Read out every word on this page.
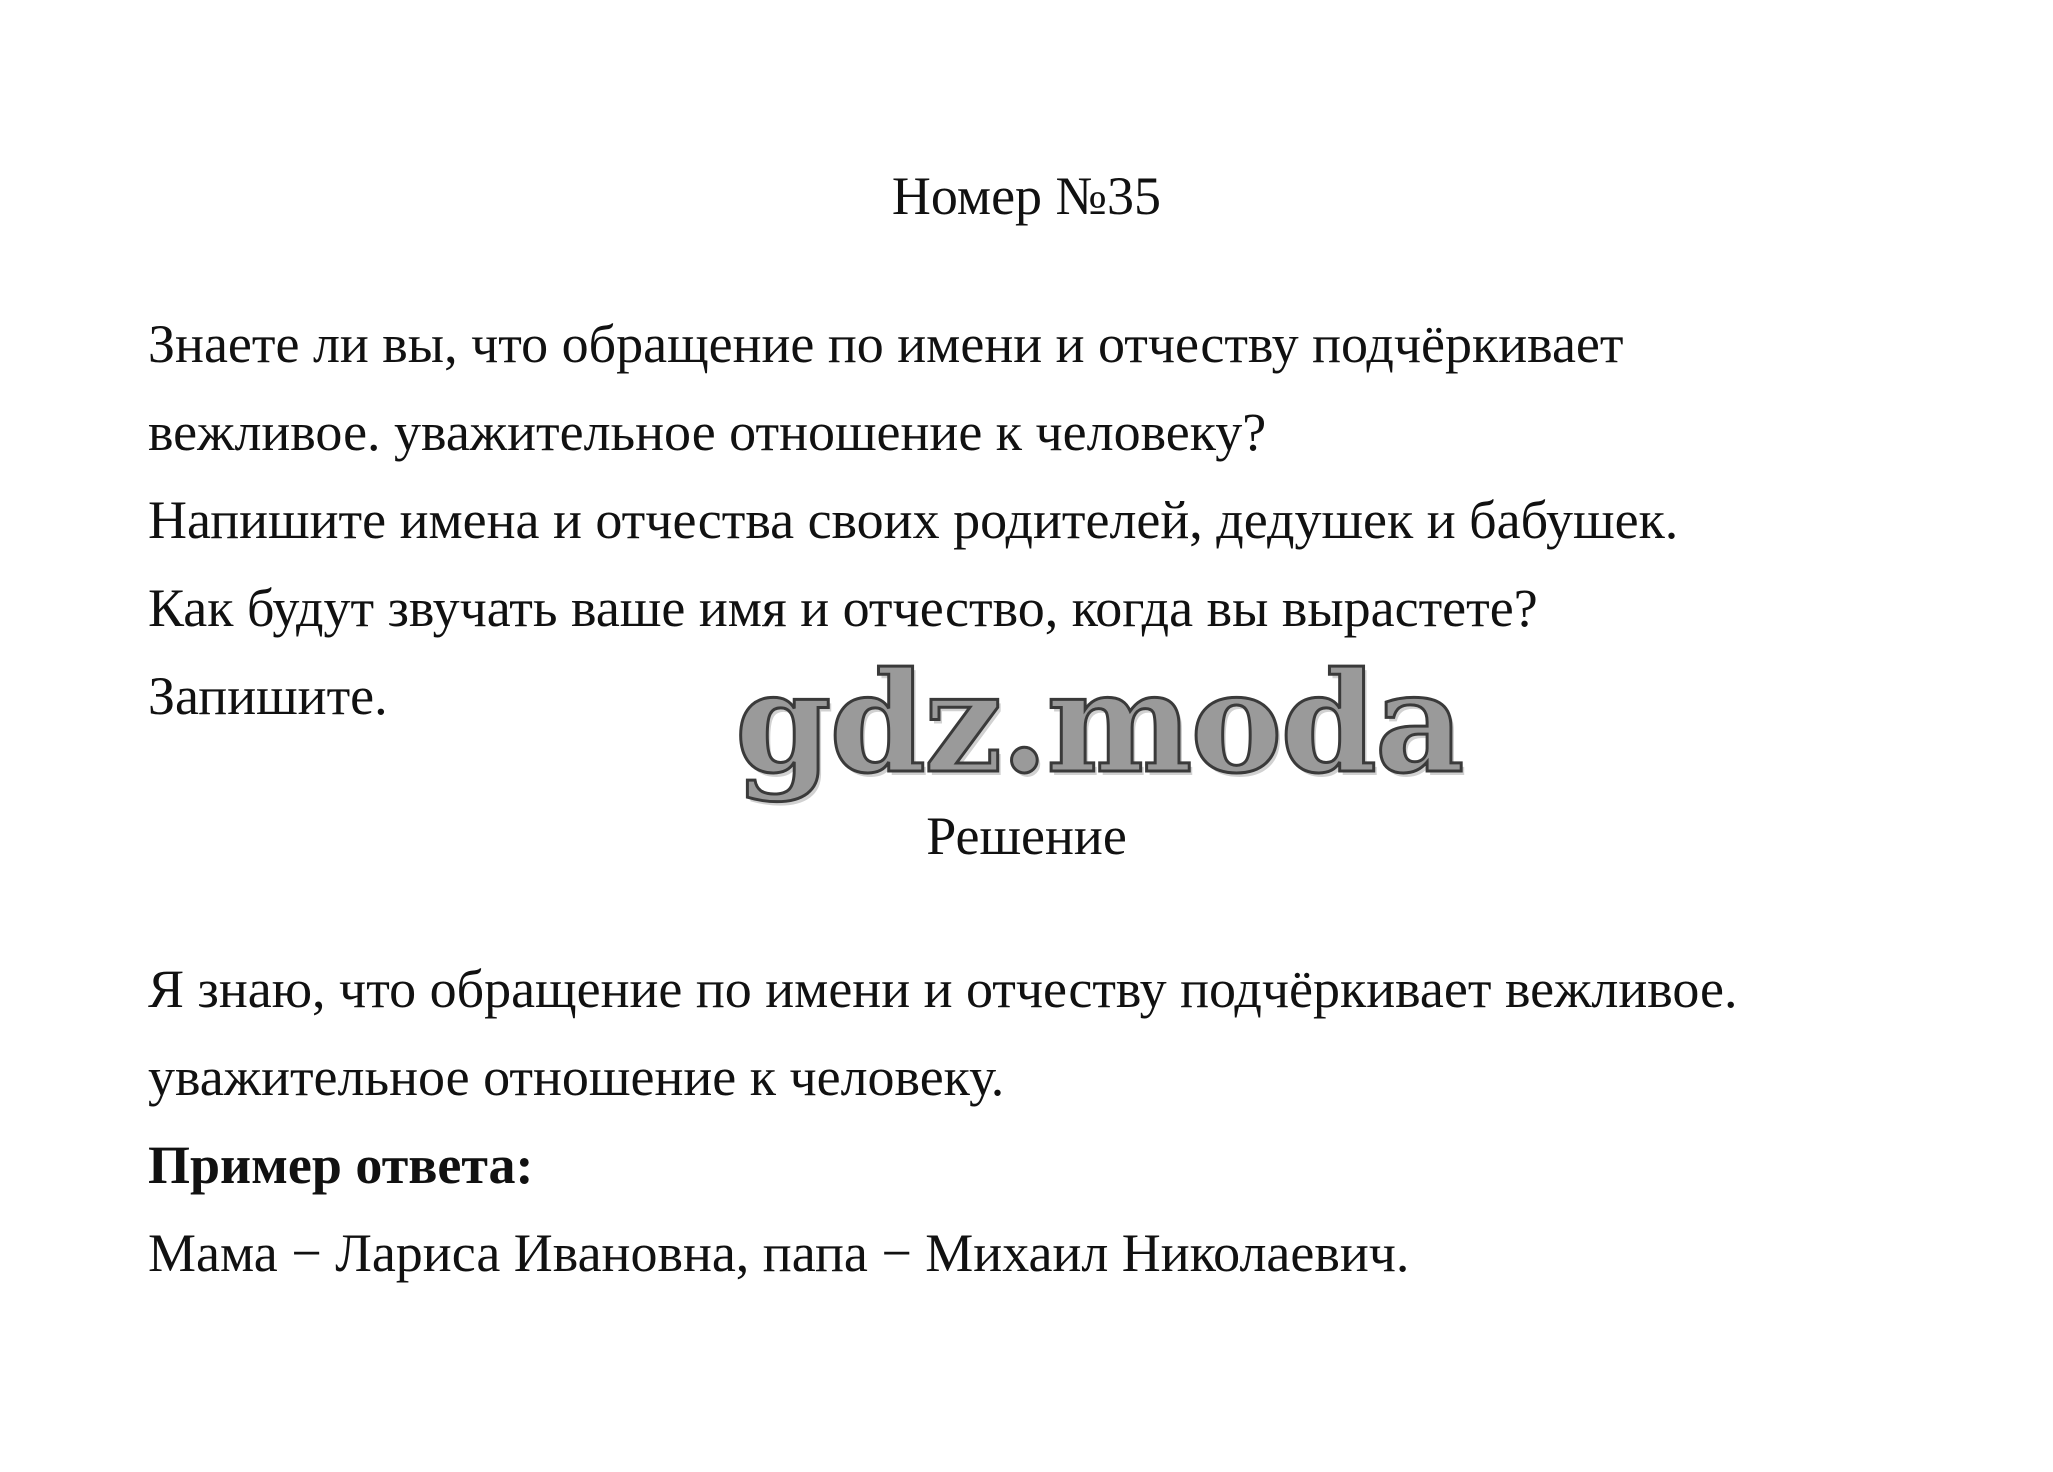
Номер №35
Знаете ли вы, что обращение по имени и отчеству подчёркивает
вежливое. уважительное отношение к человеку?
Напишите имена и отчества своих родителей, дедушек и бабушек.
Как будут звучать ваше имя и отчество, когда вы вырастете?
Запишите.	gdz.moda
Решение
Я знаю, что обращение по имени и отчеству подчёркивает вежливое.
уважительное отношение к человеку.
Пример ответа:
Мама − Лариса Ивановна, папа − Михаил Николаевич.
